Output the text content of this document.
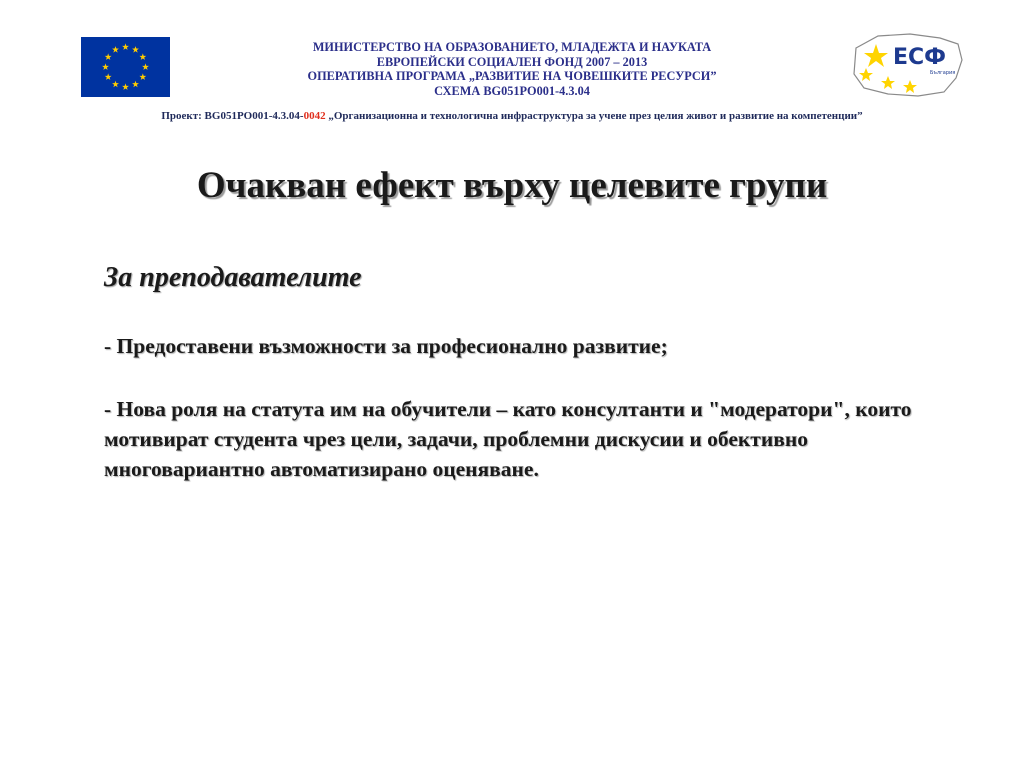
ЕСФ
България
МИНИСТЕРСТВО НА ОБРАЗОВАНИЕТО, МЛАДЕЖТА И НАУКАТА
ЕВРОПЕЙСКИ СОЦИАЛЕН ФОНД 2007 – 2013
ОПЕРАТИВНА ПРОГРАМА „РАЗВИТИЕ НА ЧОВЕШКИТЕ РЕСУРСИ”
СХЕМА BG051PO001-4.3.04
Проект: BG051PO001-4.3.04-0042 „Организационна и технологична инфраструктура за учене през целия живот и развитие на компетенции”
Очакван ефект върху целевите групи
За преподавателите
- Предоставени възможности за професионално развитие;
- Нова роля на статута им на обучители – като консултанти и "модератори", които мотивират студента чрез цели, задачи, проблемни дискусии и обективно многовариантно автоматизирано оценяване.
